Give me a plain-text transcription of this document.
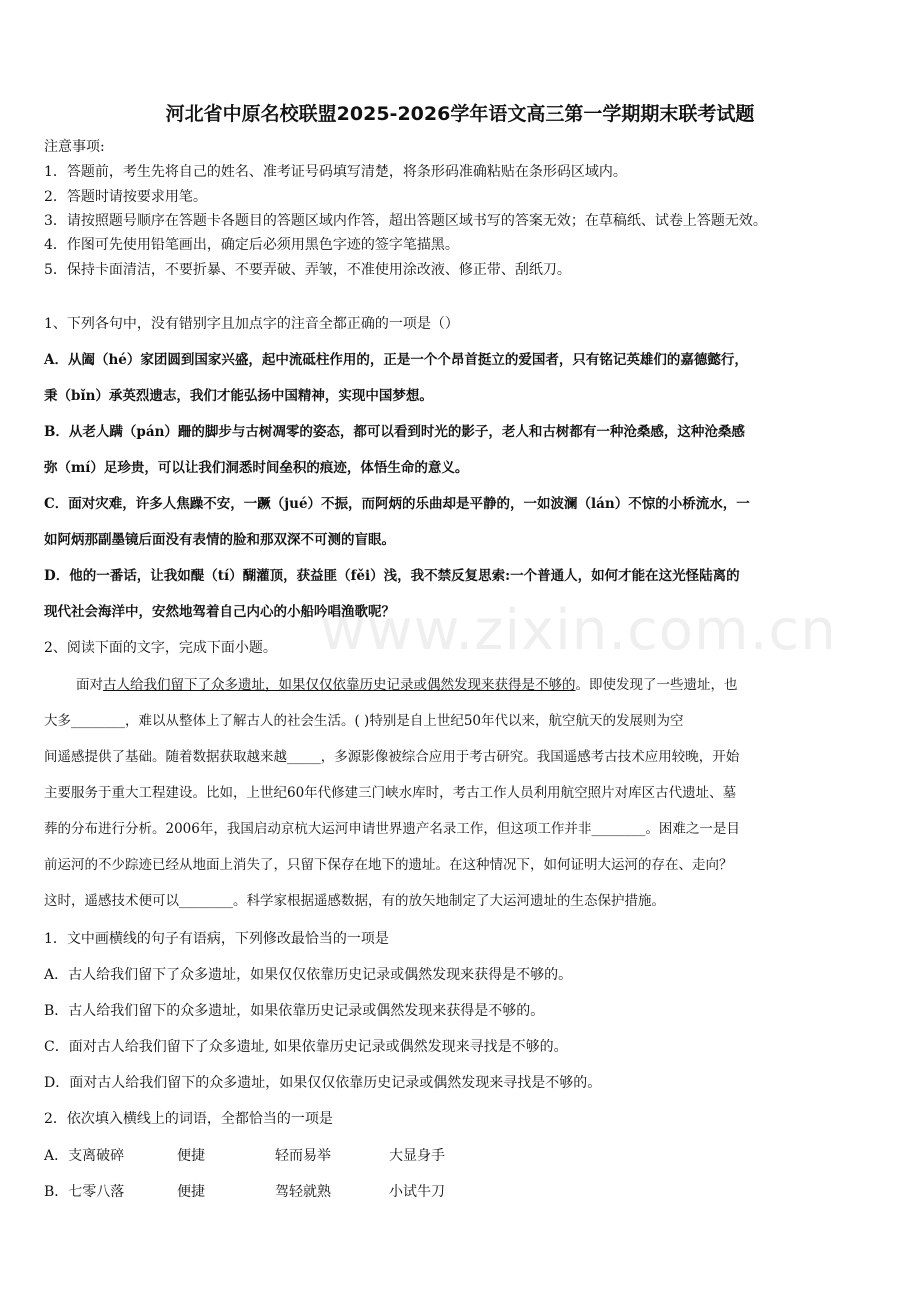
河北省中原名校联盟2025-2026学年语文高三第一学期期末联考试题
注意事项:
1．答题前，考生先将自己的姓名、准考证号码填写清楚，将条形码准确粘贴在条形码区域内。
2．答题时请按要求用笔。
3．请按照题号顺序在答题卡各题目的答题区域内作答，超出答题区域书写的答案无效；在草稿纸、试卷上答题无效。
4．作图可先使用铅笔画出，确定后必须用黑色字迹的签字笔描黑。
5．保持卡面清洁，不要折暴、不要弄破、弄皱，不准使用涂改液、修正带、刮纸刀。
1、下列各句中，没有错别字且加点字的注音全都正确的一项是（）
A．从阖（hé）家团圆到国家兴盛，起中流砥柱作用的，正是一个个昂首挺立的爱国者，只有铭记英雄们的嘉德懿行，
秉（bǐn）承英烈遗志，我们才能弘扬中国精神，实现中国梦想。
B．从老人蹒（pán）跚的脚步与古树凋零的姿态，都可以看到时光的影子，老人和古树都有一种沧桑感，这种沧桑感
弥（mí）足珍贵，可以让我们洞悉时间垒积的痕迹，体悟生命的意义。
C．面对灾难，许多人焦躁不安，一蹶（jué）不振，而阿炳的乐曲却是平静的，一如波澜（lán）不惊的小桥流水，一
如阿炳那副墨镜后面没有表情的脸和那双深不可测的盲眼。
D．他的一番话，让我如醍（tí）醐灌顶，获益匪（fěi）浅，我不禁反复思索:一个普通人，如何才能在这光怪陆离的
现代社会海洋中，安然地驾着自己内心的小船吟唱渔歌呢？
www.zixin.com.cn
2、阅读下面的文字，完成下面小题。
面对古人给我们留下了众多遗址，如果仅仅依靠历史记录或偶然发现来获得是不够的。即使发现了一些遗址，也
大多________，难以从整体上了解古人的社会生活。( )特别是自上世纪50年代以来，航空航天的发展则为空
间遥感提供了基础。随着数据获取越来越_____，多源影像被综合应用于考古研究。我国遥感考古技术应用较晚，开始
主要服务于重大工程建设。比如，上世纪60年代修建三门峡水库时，考古工作人员利用航空照片对库区古代遗址、墓
葬的分布进行分析。2006年，我国启动京杭大运河申请世界遗产名录工作，但这项工作并非________。困难之一是目
前运河的不少踪迹已经从地面上消失了，只留下保存在地下的遗址。在这种情况下，如何证明大运河的存在、走向？
这时，遥感技术便可以________。科学家根据遥感数据，有的放矢地制定了大运河遗址的生态保护措施。
1．文中画横线的句子有语病，下列修改最恰当的一项是
A．古人给我们留下了众多遗址，如果仅仅依靠历史记录或偶然发现来获得是不够的。
B．古人给我们留下的众多遗址，如果依靠历史记录或偶然发现来获得是不够的。
C．面对古人给我们留下了众多遗址, 如果依靠历史记录或偶然发现来寻找是不够的。
D．面对古人给我们留下的众多遗址，如果仅仅依靠历史记录或偶然发现来寻找是不够的。
2．依次填入横线上的词语，全都恰当的一项是
A．支离破碎	便捷	轻而易举	大显身手
B．七零八落	便捷	驾轻就熟	小试牛刀
